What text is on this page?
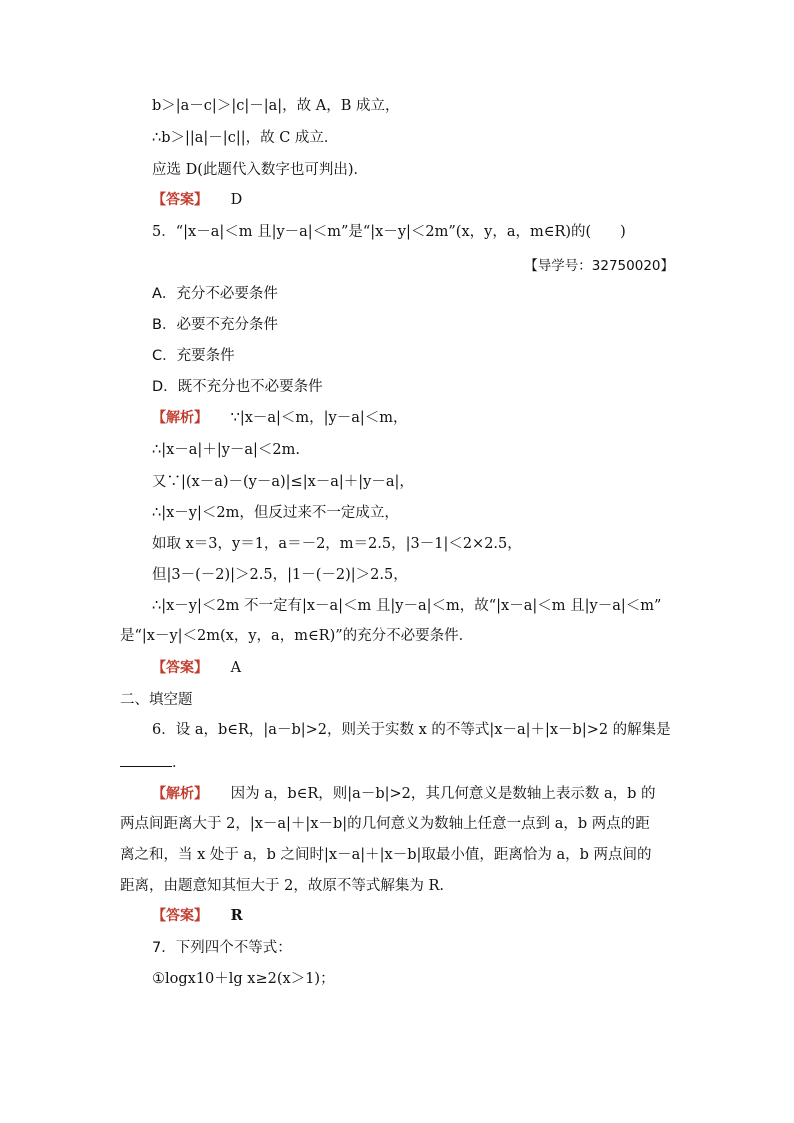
b＞|a－c|＞|c|－|a|，故 A，B 成立，
∴b＞||a|－|c||，故 C 成立．
应选 D(此题代入数字也可判出)．
【答案】 D
5．“|x－a|＜m 且|y－a|＜m”是“|x－y|＜2m”(x，y，a，m∈R)的(　　)
【导学号：32750020】
A．充分不必要条件
B．必要不充分条件
C．充要条件
D．既不充分也不必要条件
【解析】 ∵|x－a|＜m，|y－a|＜m，
∴|x－a|＋|y－a|＜2m.
又∵|(x－a)－(y－a)|≤|x－a|＋|y－a|，
∴|x－y|＜2m，但反过来不一定成立，
如取 x＝3，y＝1，a＝－2，m＝2.5，|3－1|＜2×2.5，
但|3－(－2)|＞2.5，|1－(－2)|＞2.5，
∴|x－y|＜2m 不一定有|x－a|＜m 且|y－a|＜m，故“|x－a|＜m 且|y－a|＜m”
是“|x－y|＜2m(x，y，a，m∈R)”的充分不必要条件．
【答案】 A
二、填空题
6．设 a，b∈R，|a－b|>2，则关于实数 x 的不等式|x－a|＋|x－b|>2 的解集是
．
【解析】 因为 a，b∈R，则|a－b|>2，其几何意义是数轴上表示数 a，b 的
两点间距离大于 2，|x－a|＋|x－b|的几何意义为数轴上任意一点到 a，b 两点的距
离之和，当 x 处于 a，b 之间时|x－a|＋|x－b|取最小值，距离恰为 a，b 两点间的
距离，由题意知其恒大于 2，故原不等式解集为 R.
【答案】 R
7．下列四个不等式：
①logx10＋lg x≥2(x＞1)；
